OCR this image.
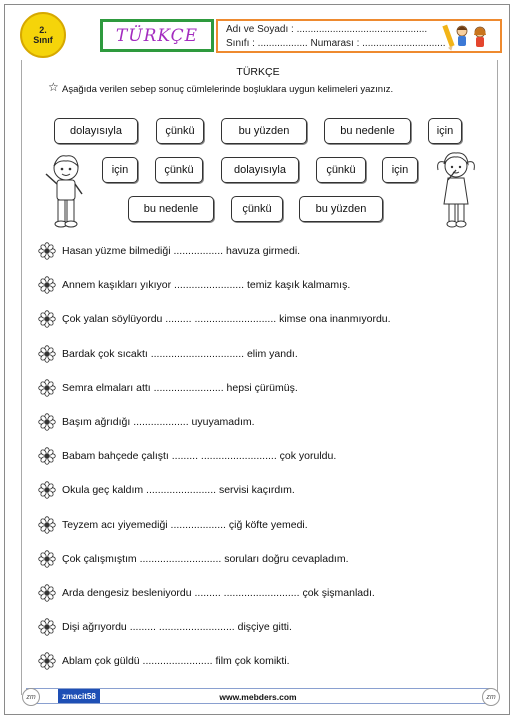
2.
Sınıf	TÜRKÇE	Adı ve Soyadı : ...............................................
Sınıfı : .................. Numarası : ..............................
TÜRKÇE
☆ Aşağıda verilen sebep sonuç cümlelerinde boşluklara uygun kelimeleri yazınız.
dolayısıyla	çünkü	bu yüzden	bu nedenle	için
için	çünkü	dolayısıyla	çünkü	için
bu nedenle	çünkü	bu yüzden
Hasan yüzme bilmediği ................. havuza girmedi.
Annem kaşıkları yıkıyor ........................ temiz kaşık kalmamış.
Çok yalan söylüyordu ......... ............................ kimse ona inanmıyordu.
Bardak çok sıcaktı ................................ elim yandı.
Semra elmaları attı ........................ hepsi çürümüş.
Başım ağrıdığı ................... uyuyamadım.
Babam bahçede çalıştı ......... .......................... çok yoruldu.
Okula geç kaldım ........................ servisi kaçırdım.
Teyzem acı yiyemediği ................... çiğ köfte yemedi.
Çok çalışmıştım ............................ soruları doğru cevapladım.
Arda dengesiz besleniyordu ......... .......................... çok şişmanladı.
Dişi ağrıyordu ......... .......................... dişçiye gitti.
Ablam çok güldü ........................ film çok komikti.
zmacit58	www.mebders.com
zm	zm
